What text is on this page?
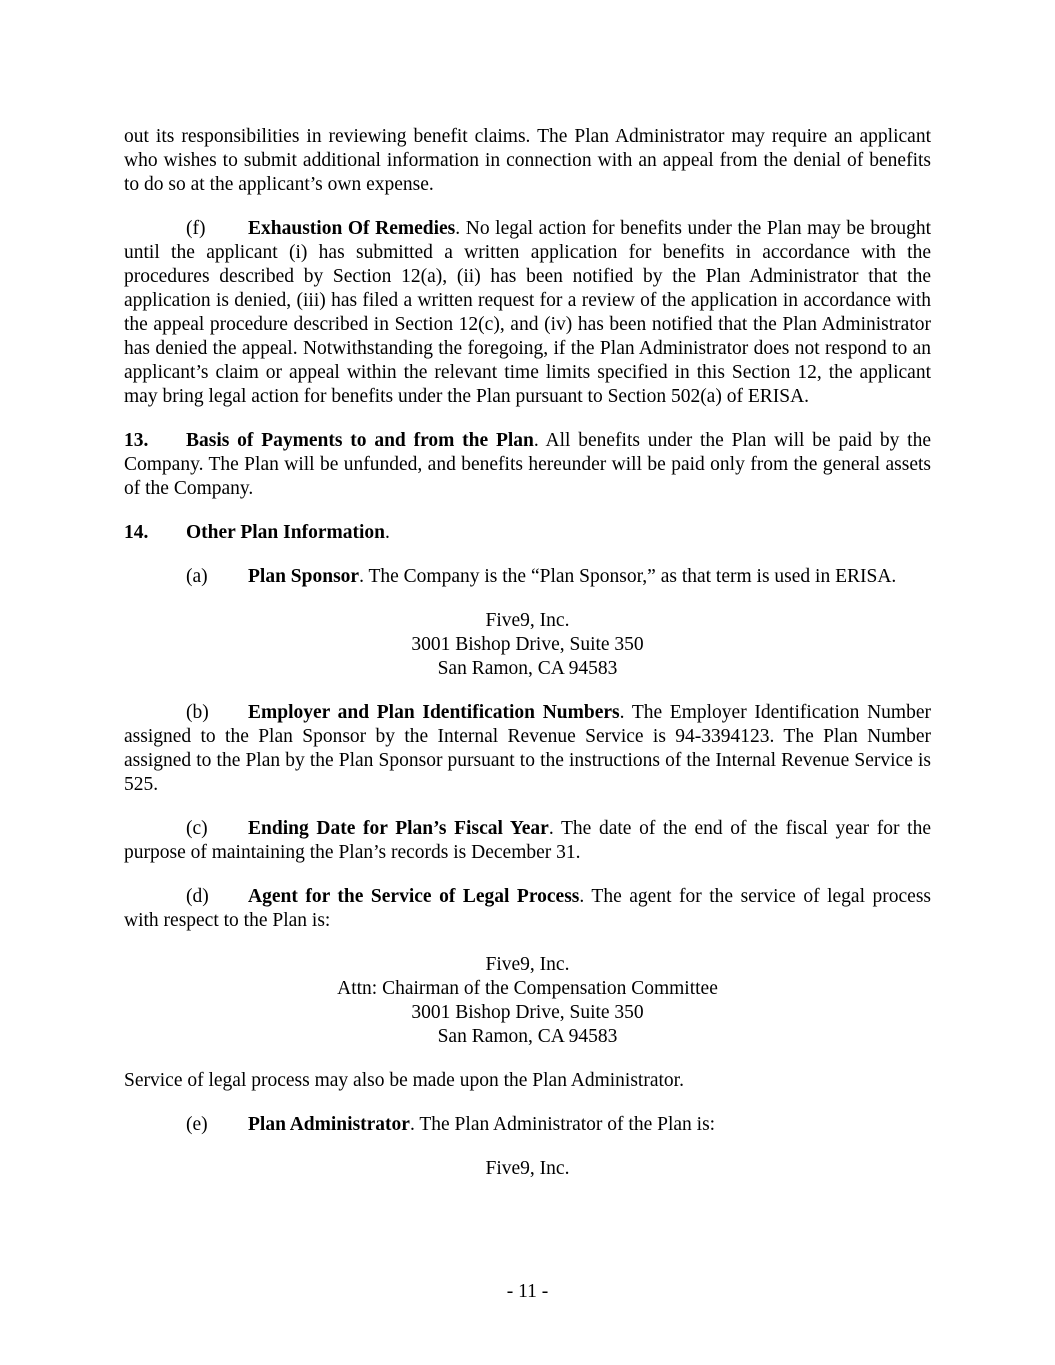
out its responsibilities in reviewing benefit claims. The Plan Administrator may require an applicant who wishes to submit additional information in connection with an appeal from the denial of benefits to do so at the applicant’s own expense.

(f) Exhaustion Of Remedies. No legal action for benefits under the Plan may be brought until the applicant (i) has submitted a written application for benefits in accordance with the procedures described by Section 12(a), (ii) has been notified by the Plan Administrator that the application is denied, (iii) has filed a written request for a review of the application in accordance with the appeal procedure described in Section 12(c), and (iv) has been notified that the Plan Administrator has denied the appeal. Notwithstanding the foregoing, if the Plan Administrator does not respond to an applicant’s claim or appeal within the relevant time limits specified in this Section 12, the applicant may bring legal action for benefits under the Plan pursuant to Section 502(a) of ERISA.

13. Basis of Payments to and from the Plan. All benefits under the Plan will be paid by the Company. The Plan will be unfunded, and benefits hereunder will be paid only from the general assets of the Company.

14. Other Plan Information.

(a) Plan Sponsor. The Company is the “Plan Sponsor,” as that term is used in ERISA.

Five9, Inc.
3001 Bishop Drive, Suite 350
San Ramon, CA 94583

(b) Employer and Plan Identification Numbers. The Employer Identification Number assigned to the Plan Sponsor by the Internal Revenue Service is 94-3394123. The Plan Number assigned to the Plan by the Plan Sponsor pursuant to the instructions of the Internal Revenue Service is 525.

(c) Ending Date for Plan’s Fiscal Year. The date of the end of the fiscal year for the purpose of maintaining the Plan’s records is December 31.

(d) Agent for the Service of Legal Process. The agent for the service of legal process with respect to the Plan is:

Five9, Inc.
Attn: Chairman of the Compensation Committee
3001 Bishop Drive, Suite 350
San Ramon, CA 94583

Service of legal process may also be made upon the Plan Administrator.

(e) Plan Administrator. The Plan Administrator of the Plan is:

Five9, Inc.
- 11 -
